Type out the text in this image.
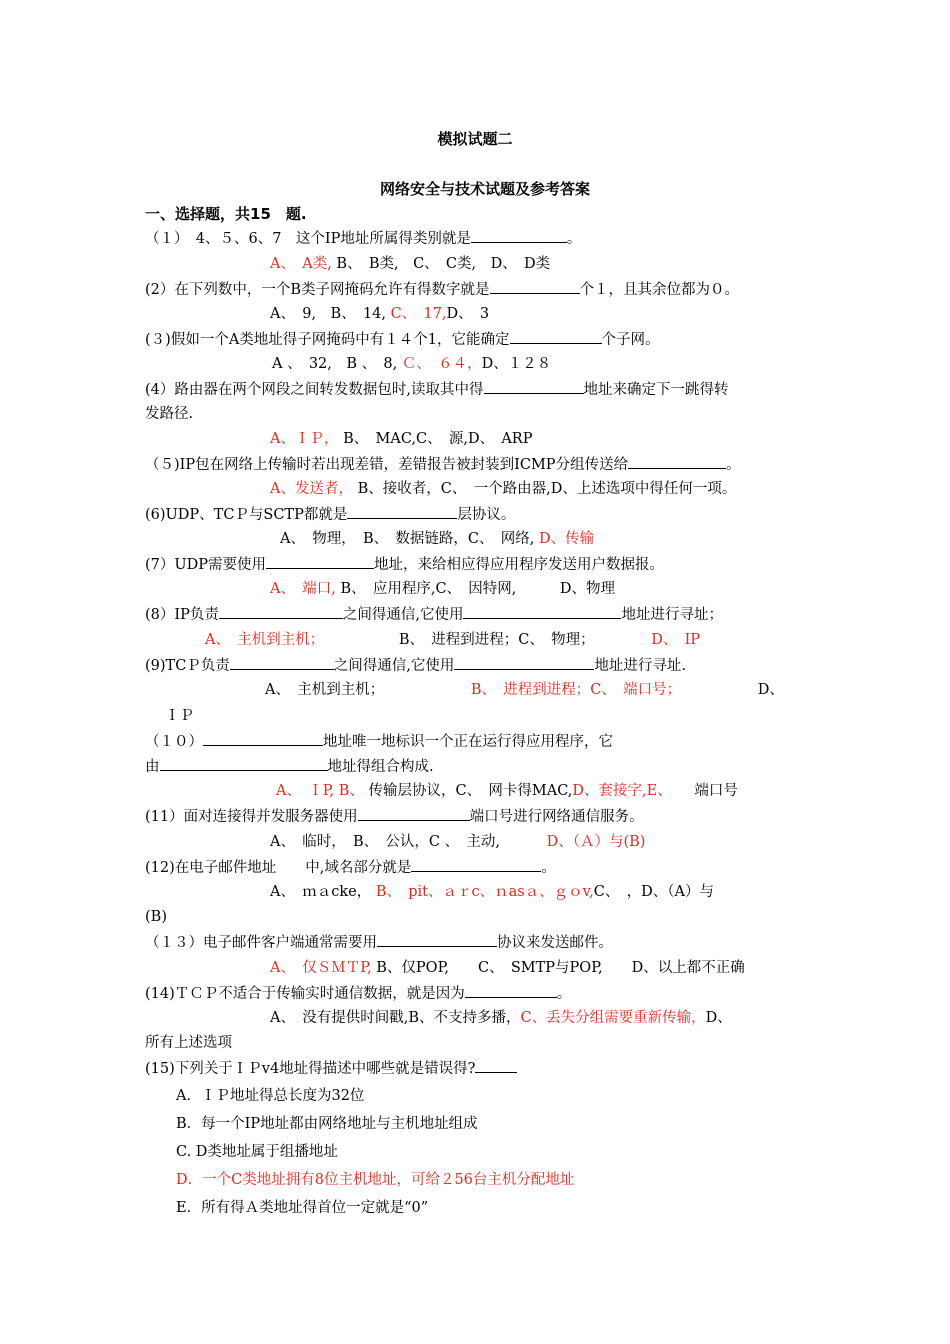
模拟试题二
网络安全与技术试题及参考答案
一、选择题，共15　题.
（１）　4、５、6、7　这个IP地址所属得类别就是	。
A、　A类, B、　B类,　C、　C类,　D、　D类
(2）在下列数中，一个B类子网掩码允许有得数字就是	个１，且其余位都为０。
A、　9,　B、　14, C、　17,D、　3
(３)假如一个A类地址得子网掩码中有１４个1，它能确定	个子网。
A 、　32,　B 、　8, Ｃ、　６４，D、１２８
(4）路由器在两个网段之间转发数据包时,读取其中得	地址来确定下一跳得转
发路径.
A、ＩＰ， B、　MAC,C、　源,D、　ARP
（５)IP包在网络上传输时若出现差错，差错报告被封装到ICMP分组传送给	。
A、发送者， B、接收者，C、　一个路由器,D、上述选项中得任何一项。
(6)UDP、TCＰ与SCTP都就是	层协议。
A、　物理，　B、　数据链路，C、　网络, D、传输
(7）UDP需要使用	地址，来给相应得应用程序发送用户数据报。
A、　端口, B、　应用程序,C、　因特网,　　　D、物理
(8）IP负责	之间得通信,它使用	地址进行寻址；
A、　主机到主机；	B、　进程到进程；C、　物理；	D、　IP
(9)TCＰ负责	之间得通信,它使用	地址进行寻址.
A、　主机到主机；	B、　进程到进程；C、　端口号；	D、
ＩＰ
（１０）	地址唯一地标识一个正在运行得应用程序，它
由	地址得组合构成.
A、　ＩP, B、 传输层协议，C、　网卡得MAC,D、套接字,E、 端口号
(11）面对连接得并发服务器使用	端口号进行网络通信服务。
A、　临时，　B、　公认，C 、　主动,	D、（Ａ）与(B)
(12)在电子邮件地址　　中,域名部分就是	。
A、　ｍａcke， B、　pit、ａｒc、ｎasａ、ｇｏv,C、　，D、（A）与
(B)
（１３）电子邮件客户端通常需要用	协议来发送邮件。
A、　仅ＳＭＴP, B、仅POP,　　C、　SMTP与POP,　　D、以上都不正确
(14)ＴＣＰ不适合于传输实时通信数据，就是因为	。
A、　没有提供时间戳,B、不支持多播，C、丢失分组需要重新传输，D、
所有上述选项
(15)下列关于ＩＰv4地址得描述中哪些就是错误得?
A．ＩＰ地址得总长度为32位
B．每一个IP地址都由网络地址与主机地址组成
C. D类地址属于组播地址
D．一个C类地址拥有8位主机地址，可给２56台主机分配地址
E．所有得Ａ类地址得首位一定就是“0”
